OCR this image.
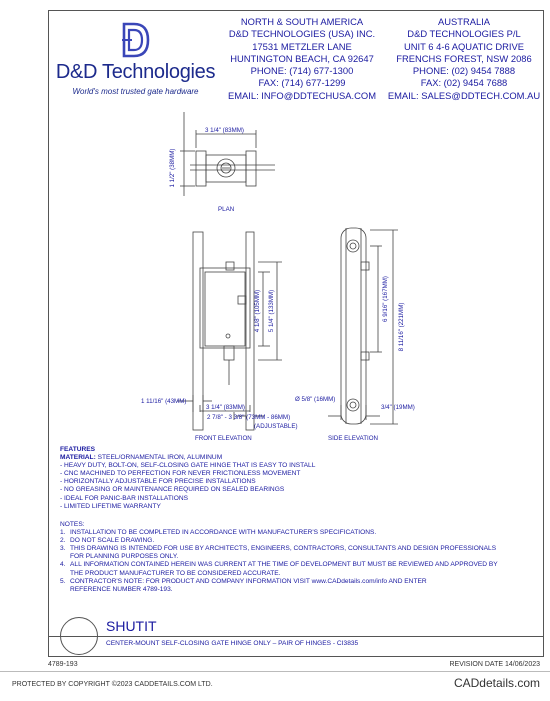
D&D Technologies
World's most trusted gate hardware
NORTH & SOUTH AMERICA
D&D TECHNOLOGIES (USA) INC.
17531 METZLER LANE
HUNTINGTON BEACH, CA 92647
PHONE: (714) 677-1300
FAX: (714) 677-1299
EMAIL: INFO@DDTECHUSA.COM
AUSTRALIA
D&D TECHNOLOGIES P/L
UNIT 6 4-6 AQUATIC DRIVE
FRENCHS FOREST, NSW 2086
PHONE: (02) 9454 7888
FAX: (02) 9454 7688
EMAIL: SALES@DDTECH.COM.AU
3 1/4" (83MM)
1 1/2" (38MM)
PLAN
4 1/8" (105MM) 5 1/4" (133MM)
1 11/16" (43MM)
3 1/4" (83MM)
2 7/8" - 3 3/8" (73MM - 86MM)
(ADJUSTABLE)
FRONT ELEVATION
6 9/16" (167MM)
8 11/16" (221MM)
Ø 5/8" (16MM)
3/4" (19MM)
SIDE ELEVATION
FEATURES
MATERIAL: STEEL/ORNAMENTAL IRON, ALUMINUM
- HEAVY DUTY, BOLT-ON, SELF-CLOSING GATE HINGE THAT IS EASY TO INSTALL
- CNC MACHINED TO PERFECTION FOR NEVER FRICTIONLESS MOVEMENT
- HORIZONTALLY ADJUSTABLE FOR PRECISE INSTALLATIONS
- NO GREASING OR MAINTENANCE REQUIRED ON SEALED BEARINGS
- IDEAL FOR PANIC-BAR INSTALLATIONS
- LIMITED LIFETIME WARRANTY
NOTES:
1. INSTALLATION TO BE COMPLETED IN ACCORDANCE WITH MANUFACTURER'S SPECIFICATIONS.
2. DO NOT SCALE DRAWING.
3. THIS DRAWING IS INTENDED FOR USE BY ARCHITECTS, ENGINEERS, CONTRACTORS, CONSULTANTS AND DESIGN PROFESSIONALS
FOR PLANNING PURPOSES ONLY.
4. ALL INFORMATION CONTAINED HEREIN WAS CURRENT AT THE TIME OF DEVELOPMENT BUT MUST BE REVIEWED AND APPROVED BY
THE PRODUCT MANUFACTURER TO BE CONSIDERED ACCURATE.
5. CONTRACTOR'S NOTE: FOR PRODUCT AND COMPANY INFORMATION VISIT www.CADdetails.com/info AND ENTER
REFERENCE NUMBER 4789-193.
SHUTIT
CENTER-MOUNT SELF-CLOSING GATE HINGE ONLY – PAIR OF HINGES - CI3835
4789-193	REVISION DATE 14/06/2023
PROTECTED BY COPYRIGHT ©2023 CADDETAILS.COM LTD.	CADdetails.com
